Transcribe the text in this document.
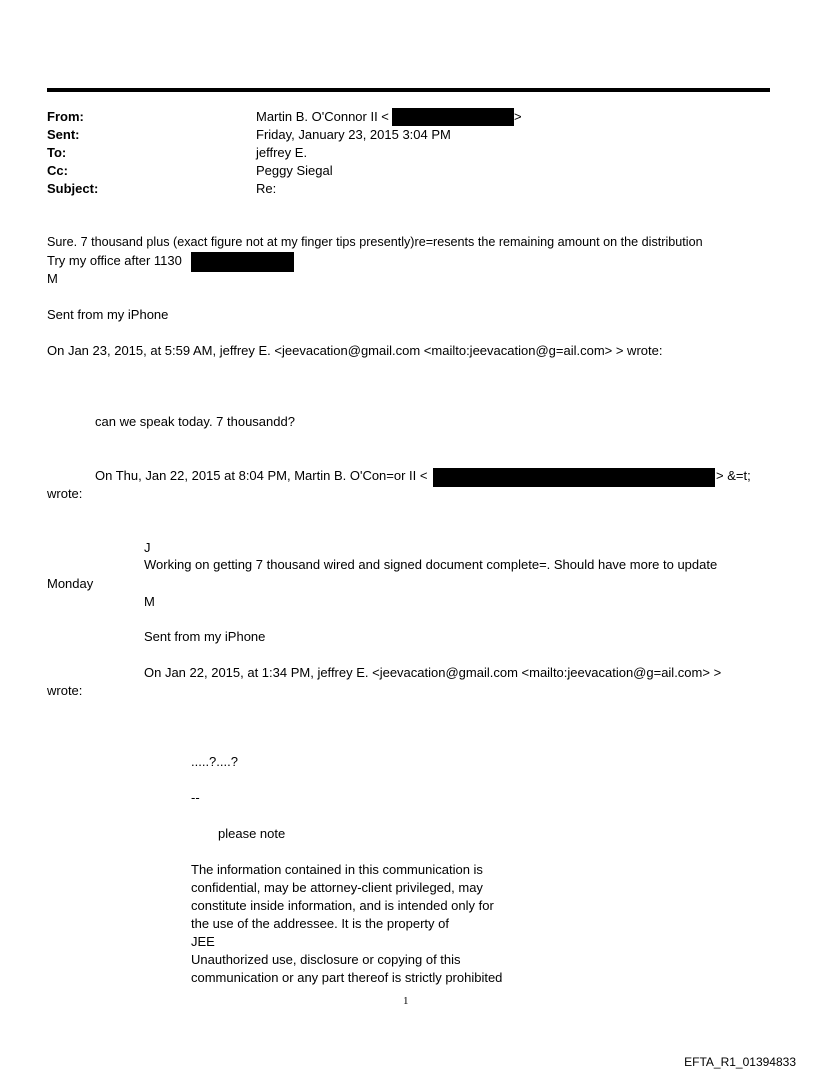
From:	Martin B. O'Connor II <	>
Sent:	Friday, January 23, 2015 3:04 PM
To:	jeffrey E.
Cc:	Peggy Siegal
Subject:	Re:
Sure. 7 thousand plus (exact figure not at my finger tips presently)re=resents the remaining amount on the distribution
Try my office after 1130
M
Sent from my iPhone
On Jan 23, 2015, at 5:59 AM, jeffrey E. <jeevacation@gmail.com <mailto:jeevacation@g=ail.com> > wrote:
can we speak today. 7 thousandd?
On Thu, Jan 22, 2015 at 8:04 PM, Martin B. O'Con=or II <	> &=t;
wrote:
J
Working on getting 7 thousand wired and signed document complete=. Should have more to update
Monday
M
Sent from my iPhone
On Jan 22, 2015, at 1:34 PM, jeffrey E. <jeevacation@gmail.com <mailto:jeevacation@g=ail.com> >
wrote:
.....?....?
--
please note
The information contained in this communication is
confidential, may be attorney-client privileged, may
constitute inside information, and is intended only for
the use of the addressee. It is the property of
JEE
Unauthorized use, disclosure or copying of this
communication or any part thereof is strictly prohibited
1
EFTA_R1_01394833
